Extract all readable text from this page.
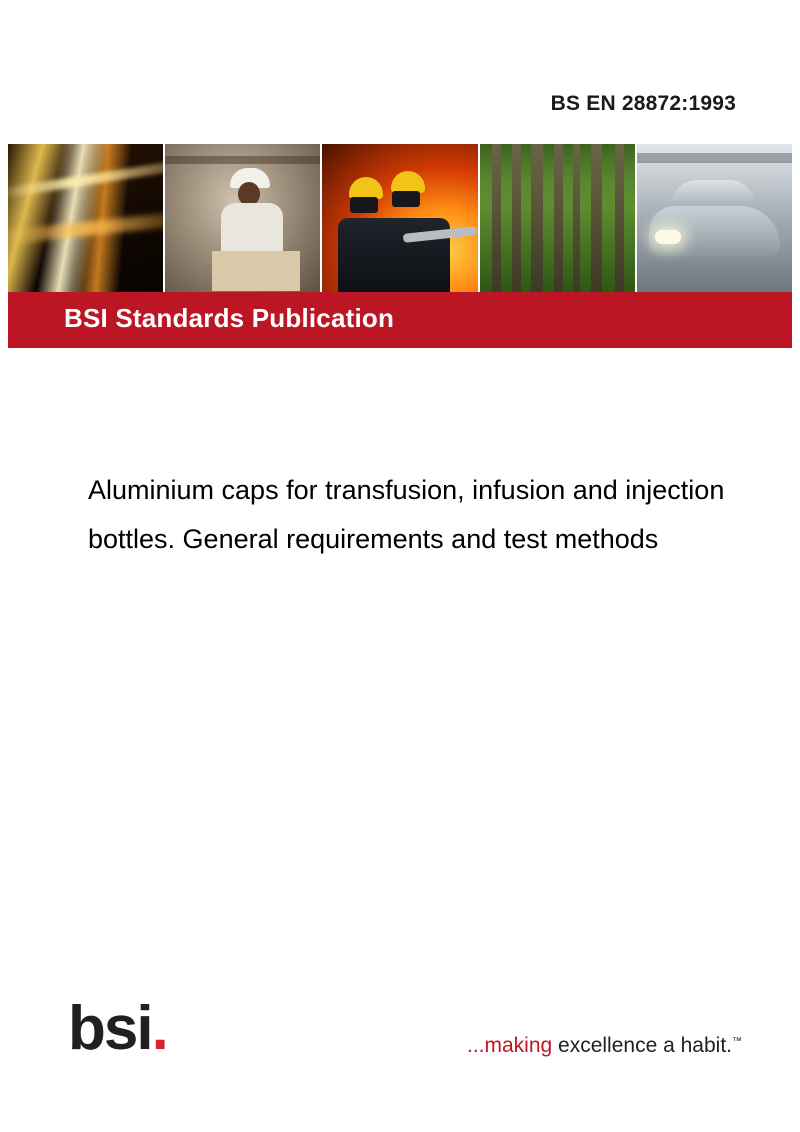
BS EN 28872:1993
BSI Standards Publication
Aluminium caps for transfusion, infusion and injection bottles. General requirements and test methods
bsi.	...making excellence a habit.™
